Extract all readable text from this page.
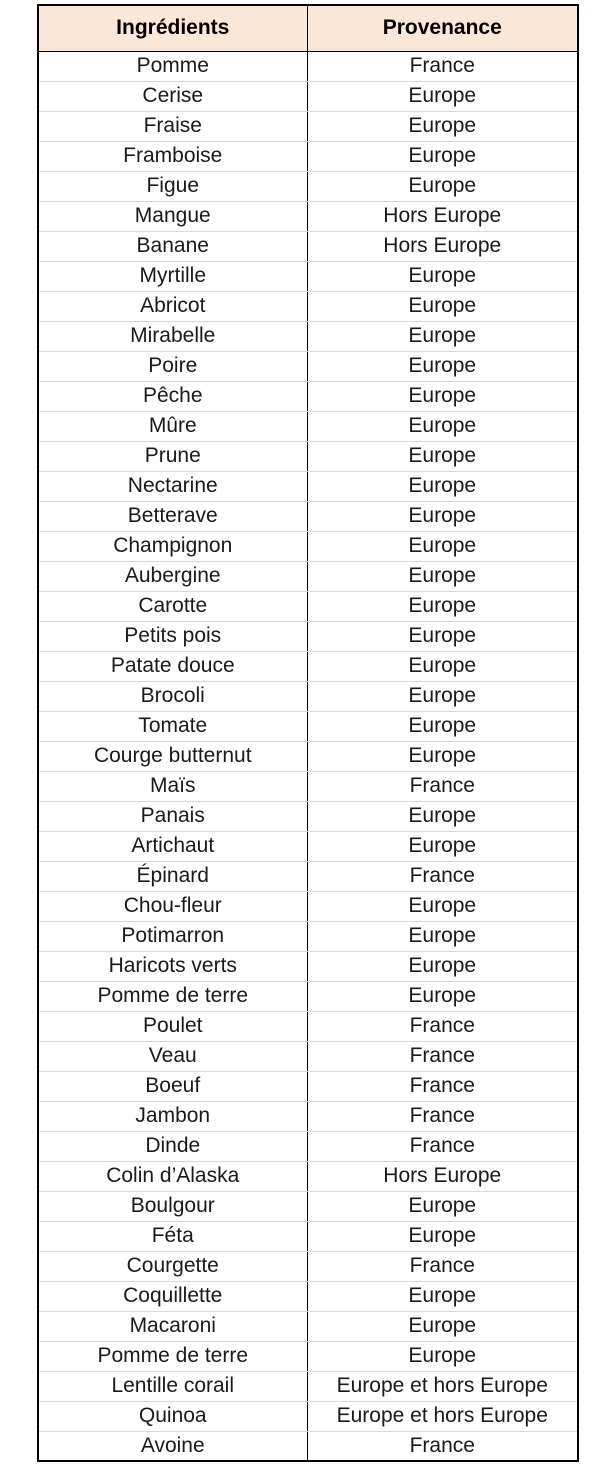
Ingrédients	Provenance
Pomme	France
Cerise	Europe
Fraise	Europe
Framboise	Europe
Figue	Europe
Mangue	Hors Europe
Banane	Hors Europe
Myrtille	Europe
Abricot	Europe
Mirabelle	Europe
Poire	Europe
Pêche	Europe
Mûre	Europe
Prune	Europe
Nectarine	Europe
Betterave	Europe
Champignon	Europe
Aubergine	Europe
Carotte	Europe
Petits pois	Europe
Patate douce	Europe
Brocoli	Europe
Tomate	Europe
Courge butternut	Europe
Maïs	France
Panais	Europe
Artichaut	Europe
Épinard	France
Chou-fleur	Europe
Potimarron	Europe
Haricots verts	Europe
Pomme de terre	Europe
Poulet	France
Veau	France
Boeuf	France
Jambon	France
Dinde	France
Colin d’Alaska	Hors Europe
Boulgour	Europe
Féta	Europe
Courgette	France
Coquillette	Europe
Macaroni	Europe
Pomme de terre	Europe
Lentille corail	Europe et hors Europe
Quinoa	Europe et hors Europe
Avoine	France
